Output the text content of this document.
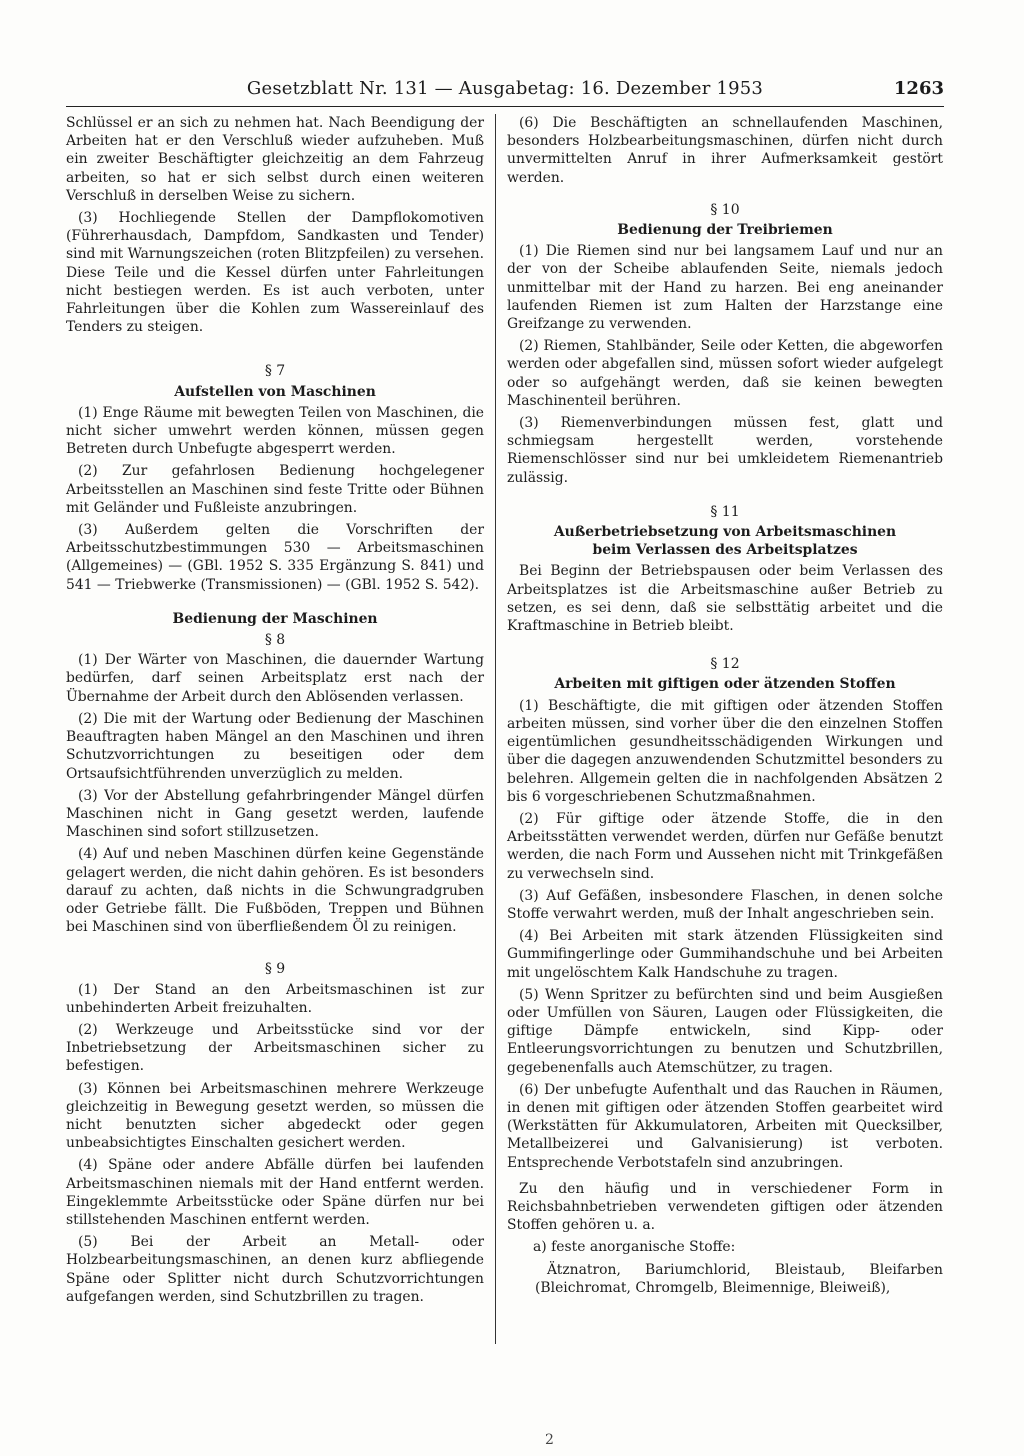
Gesetzblatt Nr. 131 — Ausgabetag: 16. Dezember 1953	1263

Schlüssel er an sich zu nehmen hat. Nach Beendigung der Arbeiten hat er den Verschluß wieder aufzuheben. Muß ein zweiter Beschäftigter gleichzeitig an dem Fahrzeug arbeiten, so hat er sich selbst durch einen weiteren Verschluß in derselben Weise zu sichern.

(3) Hochliegende Stellen der Dampflokomotiven (Führerhausdach, Dampfdom, Sandkasten und Tender) sind mit Warnungszeichen (roten Blitzpfeilen) zu versehen. Diese Teile und die Kessel dürfen unter Fahrleitungen nicht bestiegen werden. Es ist auch verboten, unter Fahrleitungen über die Kohlen zum Wassereinlauf des Tenders zu steigen.

§ 7
Aufstellen von Maschinen

(1) Enge Räume mit bewegten Teilen von Maschinen, die nicht sicher umwehrt werden können, müssen gegen Betreten durch Unbefugte abgesperrt werden.

(2) Zur gefahrlosen Bedienung hochgelegener Arbeitsstellen an Maschinen sind feste Tritte oder Bühnen mit Geländer und Fußleiste anzubringen.

(3) Außerdem gelten die Vorschriften der Arbeitsschutzbestimmungen 530 — Arbeitsmaschinen (Allgemeines) — (GBl. 1952 S. 335 Ergänzung S. 841) und 541 — Triebwerke (Transmissionen) — (GBl. 1952 S. 542).

Bedienung der Maschinen
§ 8

(1) Der Wärter von Maschinen, die dauernder Wartung bedürfen, darf seinen Arbeitsplatz erst nach der Übernahme der Arbeit durch den Ablösenden verlassen.

(2) Die mit der Wartung oder Bedienung der Maschinen Beauftragten haben Mängel an den Maschinen und ihren Schutzvorrichtungen zu beseitigen oder dem Ortsaufsichtführenden unverzüglich zu melden.

(3) Vor der Abstellung gefahrbringender Mängel dürfen Maschinen nicht in Gang gesetzt werden, laufende Maschinen sind sofort stillzusetzen.

(4) Auf und neben Maschinen dürfen keine Gegenstände gelagert werden, die nicht dahin gehören. Es ist besonders darauf zu achten, daß nichts in die Schwungradgruben oder Getriebe fällt. Die Fußböden, Treppen und Bühnen bei Maschinen sind von überfließendem Öl zu reinigen.

§ 9

(1) Der Stand an den Arbeitsmaschinen ist zur unbehinderten Arbeit freizuhalten.

(2) Werkzeuge und Arbeitsstücke sind vor der Inbetriebsetzung der Arbeitsmaschinen sicher zu befestigen.

(3) Können bei Arbeitsmaschinen mehrere Werkzeuge gleichzeitig in Bewegung gesetzt werden, so müssen die nicht benutzten sicher abgedeckt oder gegen unbeabsichtigtes Einschalten gesichert werden.

(4) Späne oder andere Abfälle dürfen bei laufenden Arbeitsmaschinen niemals mit der Hand entfernt werden. Eingeklemmte Arbeitsstücke oder Späne dürfen nur bei stillstehenden Maschinen entfernt werden.

(5) Bei der Arbeit an Metall- oder Holzbearbeitungsmaschinen, an denen kurz abfliegende Späne oder Splitter nicht durch Schutzvorrichtungen aufgefangen werden, sind Schutzbrillen zu tragen.

(6) Die Beschäftigten an schnellaufenden Maschinen, besonders Holzbearbeitungsmaschinen, dürfen nicht durch unvermittelten Anruf in ihrer Aufmerksamkeit gestört werden.

§ 10
Bedienung der Treibriemen

(1) Die Riemen sind nur bei langsamem Lauf und nur an der von der Scheibe ablaufenden Seite, niemals jedoch unmittelbar mit der Hand zu harzen. Bei eng aneinander laufenden Riemen ist zum Halten der Harzstange eine Greifzange zu verwenden.

(2) Riemen, Stahlbänder, Seile oder Ketten, die abgeworfen werden oder abgefallen sind, müssen sofort wieder aufgelegt oder so aufgehängt werden, daß sie keinen bewegten Maschinenteil berühren.

(3) Riemenverbindungen müssen fest, glatt und schmiegsam hergestellt werden, vorstehende Riemenschlösser sind nur bei umkleidetem Riemenantrieb zulässig.

§ 11
Außerbetriebsetzung von Arbeitsmaschinen
beim Verlassen des Arbeitsplatzes

Bei Beginn der Betriebspausen oder beim Verlassen des Arbeitsplatzes ist die Arbeitsmaschine außer Betrieb zu setzen, es sei denn, daß sie selbsttätig arbeitet und die Kraftmaschine in Betrieb bleibt.

§ 12
Arbeiten mit giftigen oder ätzenden Stoffen

(1) Beschäftigte, die mit giftigen oder ätzenden Stoffen arbeiten müssen, sind vorher über die den einzelnen Stoffen eigentümlichen gesundheitsschädigenden Wirkungen und über die dagegen anzuwendenden Schutzmittel besonders zu belehren. Allgemein gelten die in nachfolgenden Absätzen 2 bis 6 vorgeschriebenen Schutzmaßnahmen.

(2) Für giftige oder ätzende Stoffe, die in den Arbeitsstätten verwendet werden, dürfen nur Gefäße benutzt werden, die nach Form und Aussehen nicht mit Trinkgefäßen zu verwechseln sind.

(3) Auf Gefäßen, insbesondere Flaschen, in denen solche Stoffe verwahrt werden, muß der Inhalt angeschrieben sein.

(4) Bei Arbeiten mit stark ätzenden Flüssigkeiten sind Gummifingerlinge oder Gummihandschuhe und bei Arbeiten mit ungelöschtem Kalk Handschuhe zu tragen.

(5) Wenn Spritzer zu befürchten sind und beim Ausgießen oder Umfüllen von Säuren, Laugen oder Flüssigkeiten, die giftige Dämpfe entwickeln, sind Kipp- oder Entleerungsvorrichtungen zu benutzen und Schutzbrillen, gegebenenfalls auch Atemschützer, zu tragen.

(6) Der unbefugte Aufenthalt und das Rauchen in Räumen, in denen mit giftigen oder ätzenden Stoffen gearbeitet wird (Werkstätten für Akkumulatoren, Arbeiten mit Quecksilber, Metallbeizerei und Galvanisierung) ist verboten. Entsprechende Verbotstafeln sind anzubringen.

Zu den häufig und in verschiedener Form in Reichsbahnbetrieben verwendeten giftigen oder ätzenden Stoffen gehören u. a.

a) feste anorganische Stoffe:

Ätznatron, Bariumchlorid, Bleistaub, Bleifarben (Bleichromat, Chromgelb, Bleimennige, Bleiweiß),

2
